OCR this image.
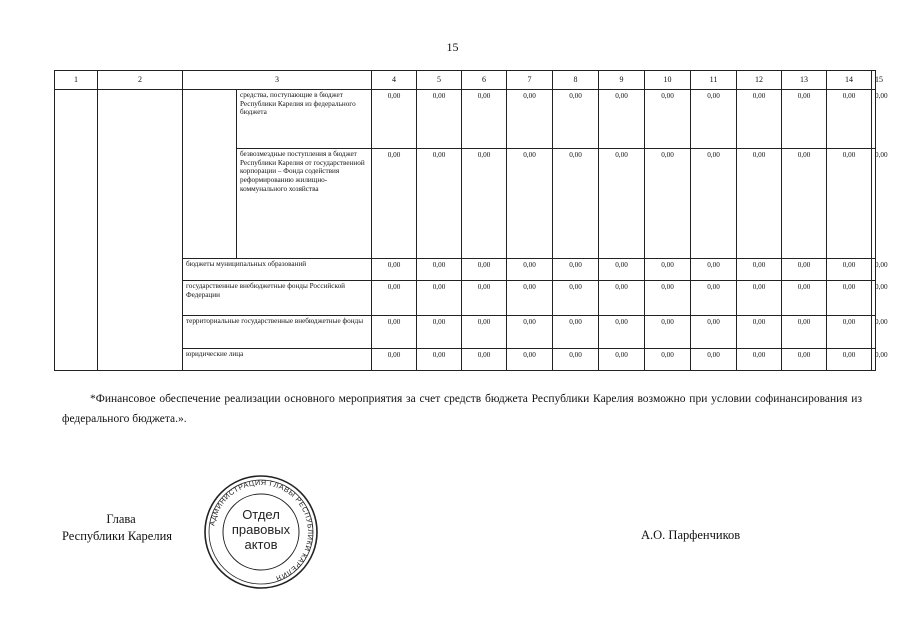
15
1	2	3		4	5	6	7	8	9	10	11	12	13	14	15
			средства, поступающие в бюджет Республики Карелия из федерального бюджета	0,00	0,00	0,00	0,00	0,00	0,00	0,00	0,00	0,00	0,00	0,00	0,00
			безвозмездные поступления в бюджет Республики Карелия от государственной корпорации – Фонда содействия реформированию жилищно-коммунального хозяйства	0,00	0,00	0,00	0,00	0,00	0,00	0,00	0,00	0,00	0,00	0,00	0,00
		бюджеты муниципальных образований		0,00	0,00	0,00	0,00	0,00	0,00	0,00	0,00	0,00	0,00	0,00	0,00
		государственные внебюджетные фонды Российской Федерации		0,00	0,00	0,00	0,00	0,00	0,00	0,00	0,00	0,00	0,00	0,00	0,00
		территориальные государственные внебюджетные фонды		0,00	0,00	0,00	0,00	0,00	0,00	0,00	0,00	0,00	0,00	0,00	0,00
		юридические лица		0,00	0,00	0,00	0,00	0,00	0,00	0,00	0,00	0,00	0,00	0,00	0,00
*Финансовое обеспечение реализации основного мероприятия за счет средств бюджета Республики Карелия возможно при условии софинансирования из федерального бюджета.».
Глава
Республики Карелия
АДМИНИСТРАЦИЯ ГЛАВЫ РЕСПУБЛИКИ КАРЕЛИЯ
Отдел
правовых
актов
А.О. Парфенчиков
